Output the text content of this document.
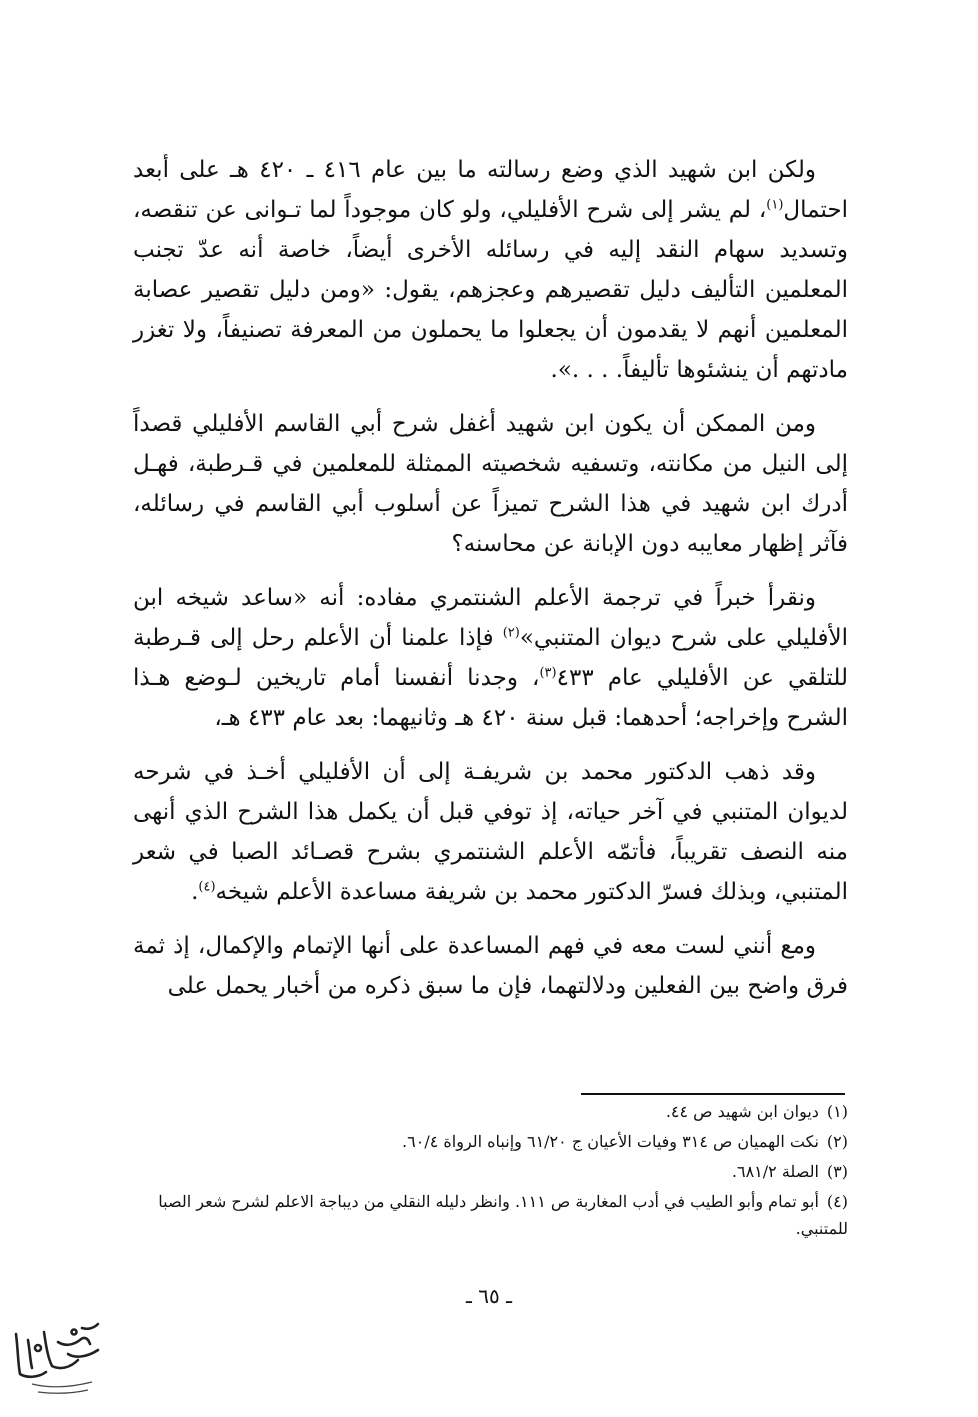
ولكن ابن شهيد الذي وضع رسالته ما بين عام ٤١٦ ـ ٤٢٠ هـ على أبعد احتمال$^{(١)}$، لم يشر إلى شرح الأفليلي، ولو كان موجوداً لما تـوانى عن تنقصه، وتسديد سهام النقد إليه في رسائله الأخرى أيضاً، خاصة أنه عدّ تجنب المعلمين التأليف دليل تقصيرهم وعجزهم، يقول: «ومن دليل تقصير عصابة المعلمين أنهم لا يقدمون أن يجعلوا ما يحملون من المعرفة تصنيفاً، ولا تغزر مادتهم أن ينشئوها تأليفاً. . . .».

ومن الممكن أن يكون ابن شهيد أغفل شرح أبي القاسم الأفليلي قصداً إلى النيل من مكانته، وتسفيه شخصيته الممثلة للمعلمين في قـرطبة، فهـل أدرك ابن شهيد في هذا الشرح تميزاً عن أسلوب أبي القاسم في رسائله، فآثر إظهار معايبه دون الإبانة عن محاسنه؟

ونقرأ خبراً في ترجمة الأعلم الشنتمري مفاده: أنه «ساعد شيخه ابن الأفليلي على شرح ديوان المتنبي»$^{(٢)}$ فإذا علمنا أن الأعلم رحل إلى قـرطبة للتلقي عن الأفليلي عام ٤٣٣$^{(٣)}$، وجدنا أنفسنا أمام تاريخين لـوضع هـذا الشرح وإخراجه؛ أحدهما: قبل سنة ٤٢٠ هـ وثانيهما: بعد عام ٤٣٣ هـ،

وقد ذهب الدكتور محمد بن شريفـة إلى أن الأفليلي أخـذ في شرحه لديوان المتنبي في آخر حياته، إذ توفي قبل أن يكمل هذا الشرح الذي أنهى منه النصف تقريباً، فأتمّه الأعلم الشنتمري بشرح قصـائد الصبا في شعر المتنبي، وبذلك فسرّ الدكتور محمد بن شريفة مساعدة الأعلم شيخه$^{(٤)}$.

ومع أنني لست معه في فهم المساعدة على أنها الإتمام والإكمال، إذ ثمة فرق واضح بين الفعلين ودلالتهما، فإن ما سبق ذكره من أخبار يحمل على

(١)ديوان ابن شهيد ص ٤٤.
(٢)نكت الهميان ص ٣١٤ وفيات الأعيان ج ٦١/٢٠ وإنباه الرواة ٦٠/٤.
(٣)الصلة ٦٨١/٢.
(٤)أبو تمام وأبو الطيب في أدب المغاربة ص ١١١. وانظر دليله النقلي من ديباجة الاعلم لشرح شعر الصبا للمتنبي.
ـ ٦٥ ـ
